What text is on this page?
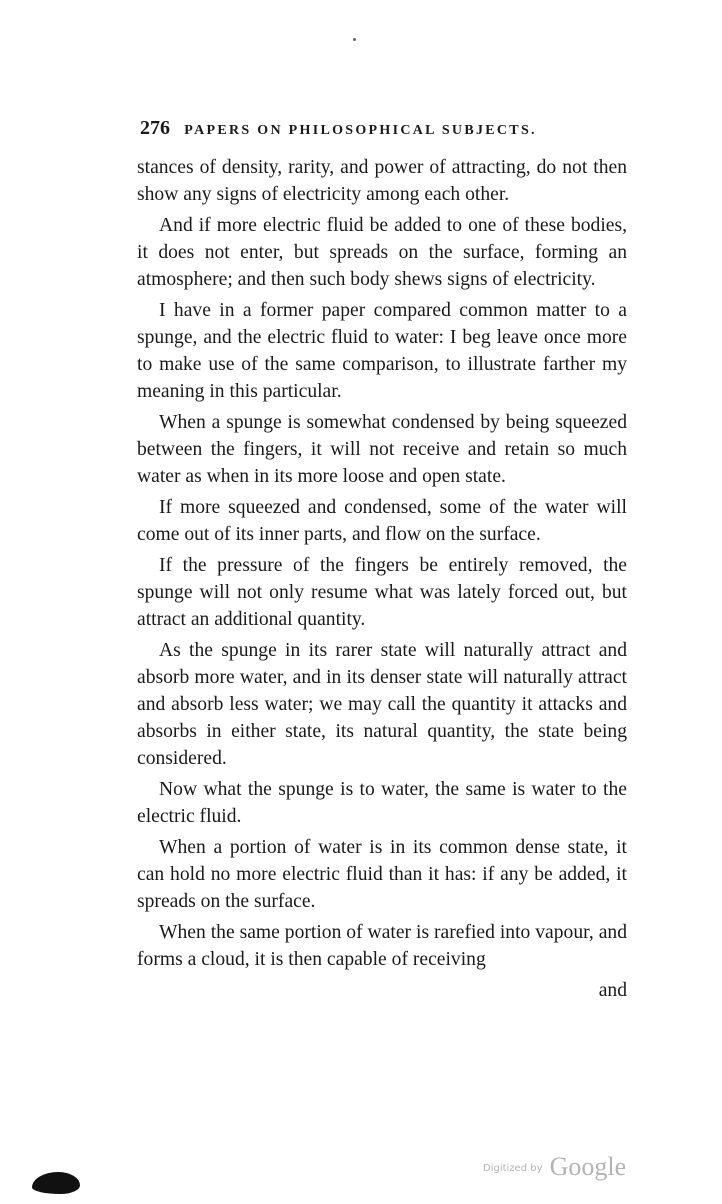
276 PAPERS ON PHILOSOPHICAL SUBJECTS.

stances of density, rarity, and power of attracting, do not then show any signs of electricity among each other.

And if more electric fluid be added to one of these bodies, it does not enter, but spreads on the surface, forming an atmosphere; and then such body shews signs of electricity.

I have in a former paper compared common matter to a spunge, and the electric fluid to water: I beg leave once more to make use of the same comparison, to illustrate farther my meaning in this particular.

When a spunge is somewhat condensed by being squeezed between the fingers, it will not receive and retain so much water as when in its more loose and open state.

If more squeezed and condensed, some of the water will come out of its inner parts, and flow on the surface.

If the pressure of the fingers be entirely removed, the spunge will not only resume what was lately forced out, but attract an additional quantity.

As the spunge in its rarer state will naturally attract and absorb more water, and in its denser state will naturally attract and absorb less water; we may call the quantity it attacks and absorbs in either state, its natural quantity, the state being considered.

Now what the spunge is to water, the same is water to the electric fluid.

When a portion of water is in its common dense state, it can hold no more electric fluid than it has: if any be added, it spreads on the surface.

When the same portion of water is rarefied into vapour, and forms a cloud, it is then capable of receiving

and

$^{Digitized by}$ Google
